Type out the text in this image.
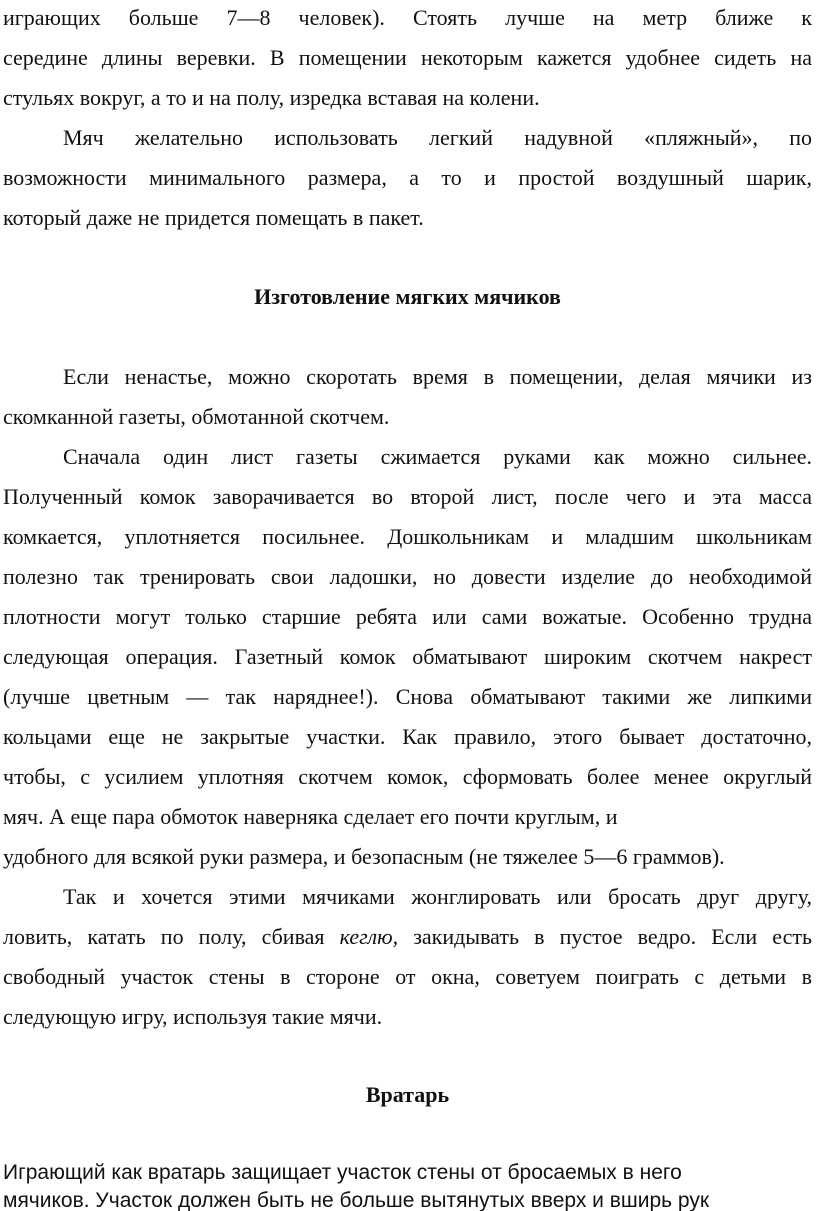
играющих больше 7—8 человек). Стоять лучше на метр ближе к
середине длины веревки. В помещении некоторым кажется удобнее сидеть на
стульях вокруг, а то и на полу, изредка вставая на колени.
Мяч желательно использовать легкий надувной «пляжный», по
возможности минимального размера, а то и простой воздушный шарик,
который даже не придется помещать в пакет.
Изготовление мягких мячиков
Если ненастье, можно скоротать время в помещении, делая мячики из
скомканной газеты, обмотанной скотчем.
Сначала один лист газеты сжимается руками как можно сильнее.
Полученный комок заворачивается во второй лист, после чего и эта масса
комкается, уплотняется посильнее. Дошкольникам и младшим школьникам
полезно так тренировать свои ладошки, но довести изделие до необходимой
плотности могут только старшие ребята или сами вожатые. Особенно трудна
следующая операция. Газетный комок обматывают широким скотчем накрест
(лучше цветным — так наряднее!). Снова обматывают такими же липкими
кольцами еще не закрытые участки. Как правило, этого бывает достаточно,
чтобы, с усилием уплотняя скотчем комок, сформовать более менее округлый
мяч. А еще пара обмоток наверняка сделает его почти круглым, и
удобного для всякой руки размера, и безопасным (не тяжелее 5—6 граммов).
Так и хочется этими мячиками жонглировать или бросать друг другу,
ловить, катать по полу, сбивая кеглю, закидывать в пустое ведро. Если есть
свободный участок стены в стороне от окна, советуем поиграть с детьми в
следующую игру, используя такие мячи.
Вратарь
Играющий как вратарь защищает участок стены от бросаемых в него
мячиков. Участок должен быть не больше вытянутых вверх и вширь рук
